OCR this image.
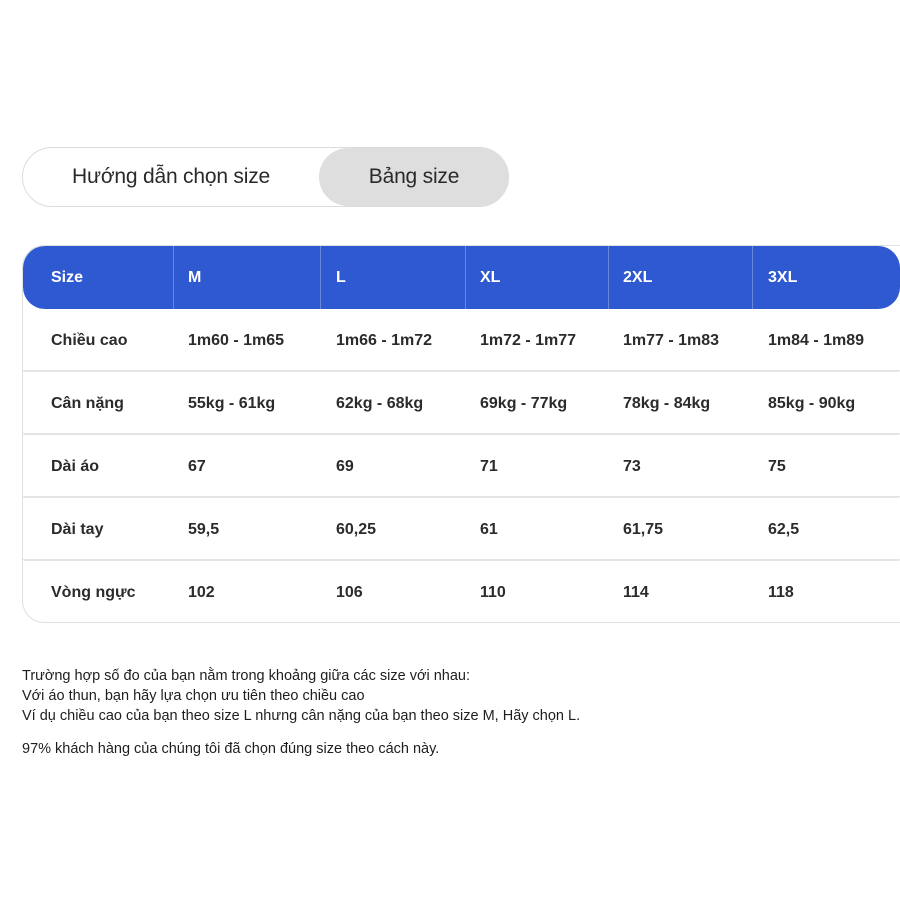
Hướng dẫn chọn size	Bảng size
Size	M	L	XL	2XL	3XL
Chiều cao	1m60 - 1m65	1m66 - 1m72	1m72 - 1m77	1m77 - 1m83	1m84 - 1m89
Cân nặng	55kg - 61kg	62kg - 68kg	69kg - 77kg	78kg - 84kg	85kg - 90kg
Dài áo	67	69	71	73	75
Dài tay	59,5	60,25	61	61,75	62,5
Vòng ngực	102	106	110	114	118

Trường hợp số đo của bạn nằm trong khoảng giữa các size với nhau:

Với áo thun, bạn hãy lựa chọn ưu tiên theo chiều cao

Ví dụ chiều cao của bạn theo size L nhưng cân nặng của bạn theo size M, Hãy chọn L.

97% khách hàng của chúng tôi đã chọn đúng size theo cách này.
